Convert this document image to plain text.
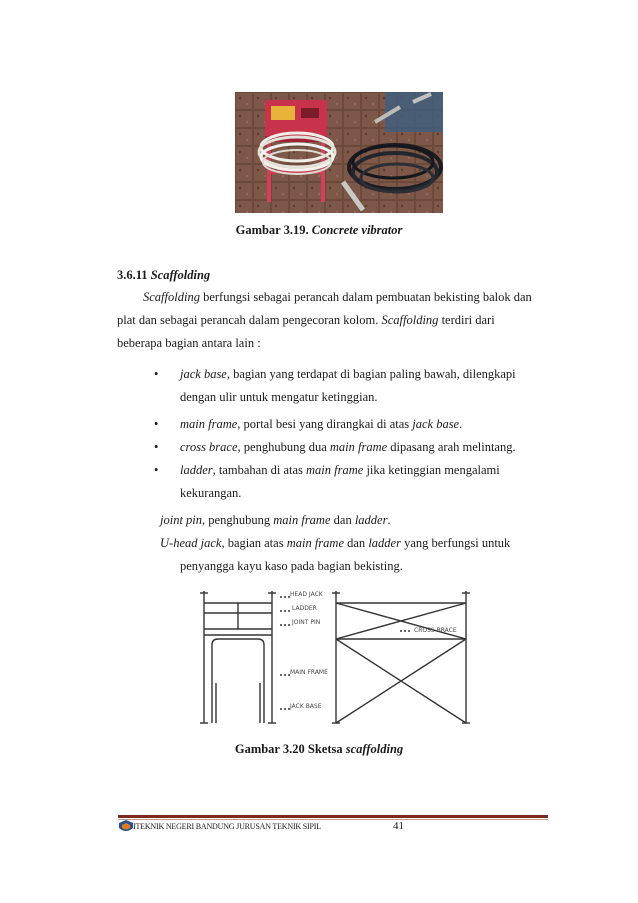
Gambar 3.19. Concrete vibrator
3.6.11 Scaffolding
Scaffolding berfungsi sebagai perancah dalam pembuatan bekisting balok dan
plat dan sebagai perancah dalam pengecoran kolom. Scaffolding terdiri dari
beberapa bagian antara lain :
• jack base, bagian yang terdapat di bagian paling bawah, dilengkapi
dengan ulir untuk mengatur ketinggian.
• main frame, portal besi yang dirangkai di atas jack base.
• cross brace, penghubung dua main frame dipasang arah melintang.
• ladder, tambahan di atas main frame jika ketinggian mengalami
kekurangan.
joint pin, penghubung main frame dan ladder.
U-head jack, bagian atas main frame dan ladder yang berfungsi untuk
penyangga kayu kaso pada bagian bekisting.
HEAD JACK
LADDER
JOINT PIN
CROSS BRACE
MAIN FRAME
JACK BASE
Gambar 3.20 Sketsa scaffolding
ITEKNIK NEGERI BANDUNG JURUSAN TEKNIK SIPIL	41
